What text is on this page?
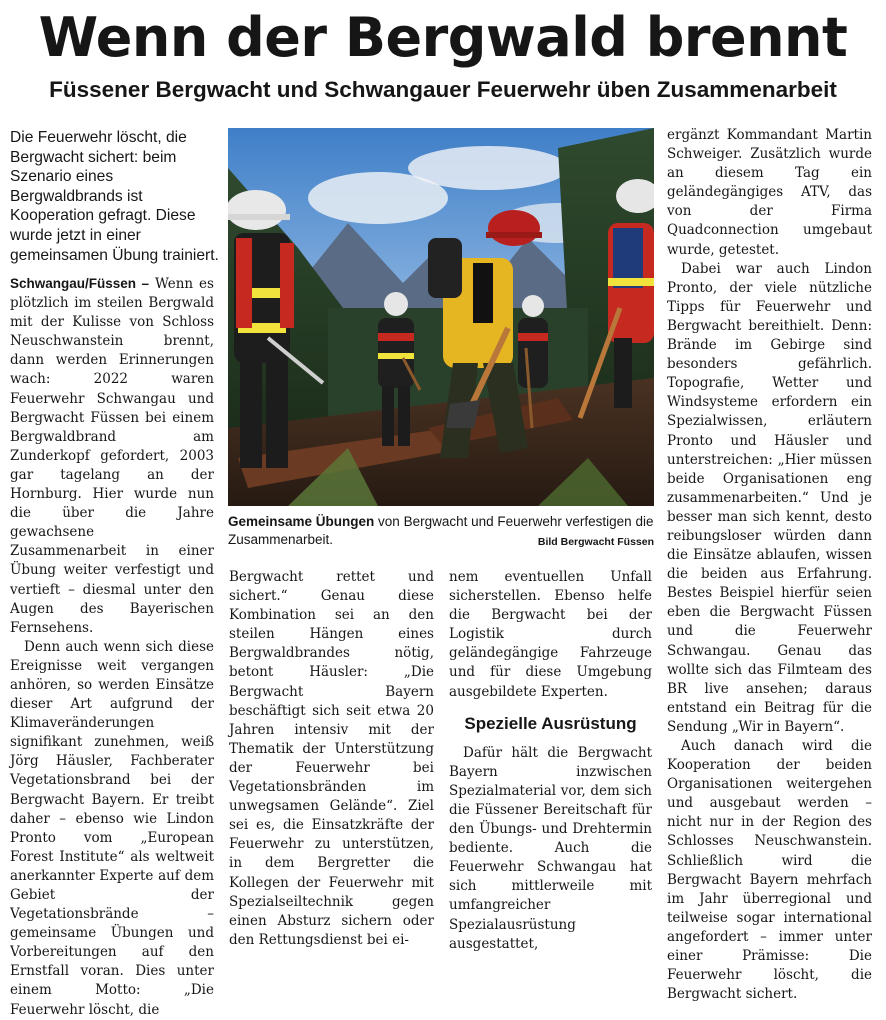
Wenn der Bergwald brennt
Füssener Bergwacht und Schwangauer Feuerwehr üben Zusammenarbeit

Die Feuerwehr löscht, die Bergwacht sichert: beim Szenario eines Bergwaldbrands ist Kooperation gefragt. Diese wurde jetzt in einer gemeinsamen Übung trainiert.

Schwangau/Füssen – Wenn es plötzlich im steilen Bergwald mit der Kulisse von Schloss Neuschwanstein brennt, dann werden Erinnerungen wach: 2022 waren Feuerwehr Schwangau und Bergwacht Füssen bei einem Bergwaldbrand am Zunderkopf gefordert, 2003 gar tagelang an der Hornburg. Hier wurde nun die über die Jahre gewachsene Zusammenarbeit in einer Übung weiter verfestigt und vertieft – diesmal unter den Augen des Bayerischen Fernsehens.

Denn auch wenn sich diese Ereignisse weit vergangen anhören, so werden Einsätze dieser Art aufgrund der Klimaveränderungen signifikant zunehmen, weiß Jörg Häusler, Fachberater Vegetationsbrand bei der Bergwacht Bayern. Er treibt daher – ebenso wie Lindon Pronto vom „European Forest Institute“ als weltweit anerkannter Experte auf dem Gebiet der Vegetationsbrände – gemeinsame Übungen und Vorbereitungen auf den Ernstfall voran. Dies unter einem Motto: „Die Feuerwehr löscht, die

Gemeinsame Übungen von Bergwacht und Feuerwehr verfestigen die Zusammenarbeit.	Bild Bergwacht Füssen

Bergwacht rettet und sichert.“ Genau diese Kombination sei an den steilen Hängen eines Bergwaldbrandes nötig, betont Häusler: „Die Bergwacht Bayern beschäftigt sich seit etwa 20 Jahren intensiv mit der Thematik der Unterstützung der Feuerwehr bei Vegetationsbränden im unwegsamen Gelände“. Ziel sei es, die Einsatzkräfte der Feuerwehr zu unterstützen, in dem Bergretter die Kollegen der Feuerwehr mit Spezialseiltechnik gegen einen Absturz sichern oder den Rettungsdienst bei ei-

nem eventuellen Unfall sicherstellen. Ebenso helfe die Bergwacht bei der Logistik durch geländegängige Fahrzeuge und für diese Umgebung ausgebildete Experten.

Spezielle Ausrüstung

Dafür hält die Bergwacht Bayern inzwischen Spezialmaterial vor, dem sich die Füssener Bereitschaft für den Übungs- und Drehtermin bediente. Auch die Feuerwehr Schwangau hat sich mittlerweile mit umfangreicher Spezialausrüstung ausgestattet,

ergänzt Kommandant Martin Schweiger. Zusätzlich wurde an diesem Tag ein geländegängiges ATV, das von der Firma Quadconnection umgebaut wurde, getestet.

Dabei war auch Lindon Pronto, der viele nützliche Tipps für Feuerwehr und Bergwacht bereithielt. Denn: Brände im Gebirge sind besonders gefährlich. Topografie, Wetter und Windsysteme erfordern ein Spezialwissen, erläutern Pronto und Häusler und unterstreichen: „Hier müssen beide Organisationen eng zusammenarbeiten.“ Und je besser man sich kennt, desto reibungsloser würden dann die Einsätze ablaufen, wissen die beiden aus Erfahrung. Bestes Beispiel hierfür seien eben die Bergwacht Füssen und die Feuerwehr Schwangau. Genau das wollte sich das Filmteam des BR live ansehen; daraus entstand ein Beitrag für die Sendung „Wir in Bayern“.

Auch danach wird die Kooperation der beiden Organisationen weitergehen und ausgebaut werden – nicht nur in der Region des Schlosses Neuschwanstein. Schließlich wird die Bergwacht Bayern mehrfach im Jahr überregional und teilweise sogar international angefordert – immer unter einer Prämisse: Die Feuerwehr löscht, die Bergwacht sichert.
